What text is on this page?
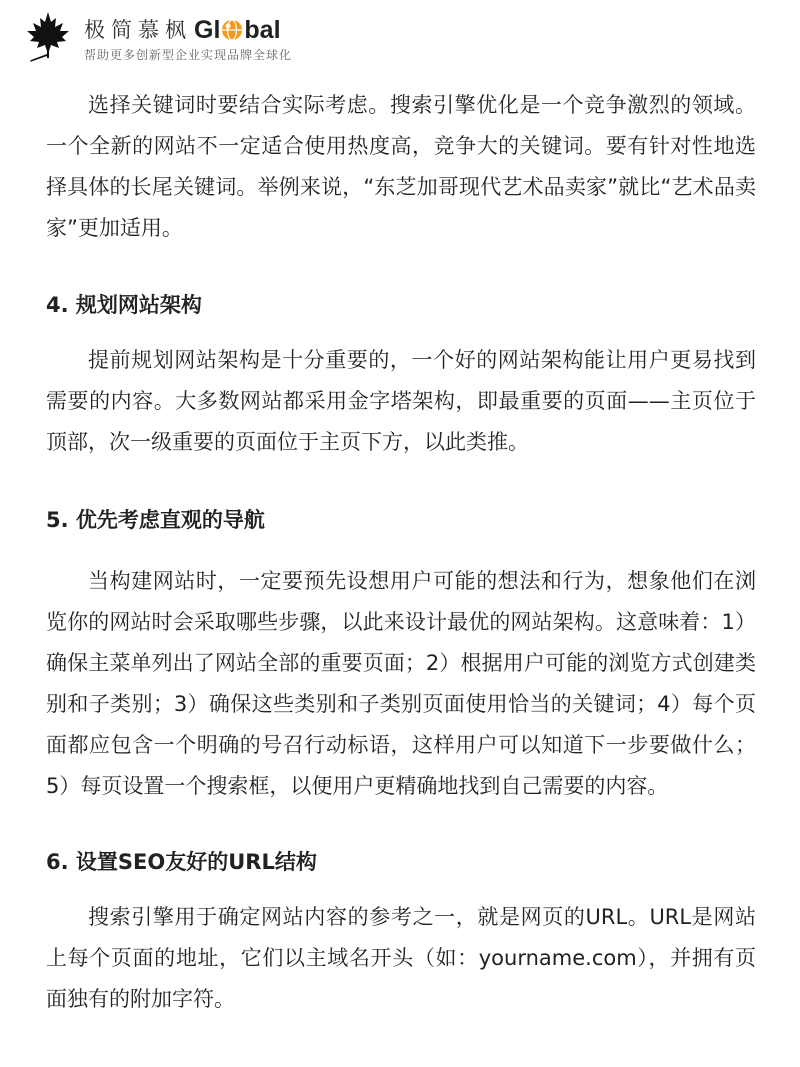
极简慕枫 Gl bal
帮助更多创新型企业实现品牌全球化

选择关键词时要结合实际考虑。搜索引擎优化是一个竞争激烈的领域。一个全新的网站不一定适合使用热度高，竞争大的关键词。要有针对性地选择具体的长尾关键词。举例来说，“东芝加哥现代艺术品卖家”就比“艺术品卖家”更加适用。

4. 规划网站架构

提前规划网站架构是十分重要的，一个好的网站架构能让用户更易找到需要的内容。大多数网站都采用金字塔架构，即最重要的页面——主页位于顶部，次一级重要的页面位于主页下方，以此类推。

5. 优先考虑直观的导航

当构建网站时，一定要预先设想用户可能的想法和行为，想象他们在浏览你的网站时会采取哪些步骤，以此来设计最优的网站架构。这意味着：1）确保主菜单列出了网站全部的重要页面；2）根据用户可能的浏览方式创建类别和子类别；3）确保这些类别和子类别页面使用恰当的关键词；4）每个页面都应包含一个明确的号召行动标语，这样用户可以知道下一步要做什么；5）每页设置一个搜索框，以便用户更精确地找到自己需要的内容。

6. 设置SEO友好的URL结构

搜索引擎用于确定网站内容的参考之一，就是网页的URL。URL是网站上每个页面的地址，它们以主域名开头（如：yourname.com），并拥有页面独有的附加字符。
